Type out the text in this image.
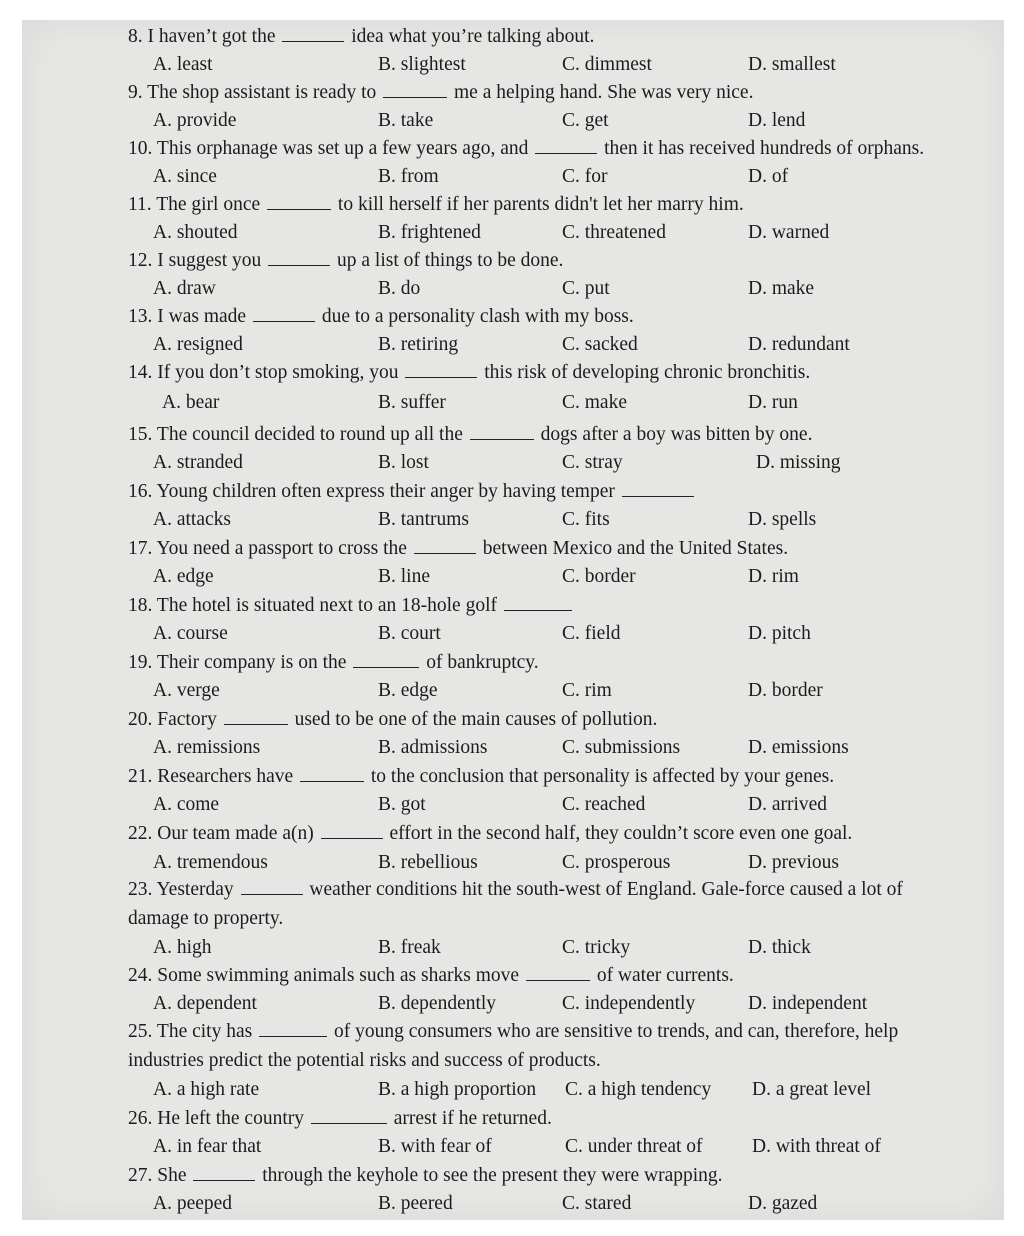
8. I haven’t got the	idea what you’re talking about.
A. least	B. slightest	C. dimmest	D. smallest
9. The shop assistant is ready to	me a helping hand. She was very nice.
A. provide	B. take	C. get	D. lend
10. This orphanage was set up a few years ago, and	then it has received hundreds of orphans.
A. since	B. from	C. for	D. of
11. The girl once	to kill herself if her parents didn't let her marry him.
A. shouted	B. frightened	C. threatened	D. warned
12. I suggest you	up a list of things to be done.
A. draw	B. do	C. put	D. make
13. I was made	due to a personality clash with my boss.
A. resigned	B. retiring	C. sacked	D. redundant
14. If you don’t stop smoking, you	this risk of developing chronic bronchitis.
A. bear	B. suffer	C. make	D. run
15. The council decided to round up all the	dogs after a boy was bitten by one.
A. stranded	B. lost	C. stray	D. missing
16. Young children often express their anger by having temper
A. attacks	B. tantrums	C. fits	D. spells
17. You need a passport to cross the	between Mexico and the United States.
A. edge	B. line	C. border	D. rim
18. The hotel is situated next to an 18-hole golf
A. course	B. court	C. field	D. pitch
19. Their company is on the	of bankruptcy.
A. verge	B. edge	C. rim	D. border
20. Factory	used to be one of the main causes of pollution.
A. remissions	B. admissions	C. submissions	D. emissions
21. Researchers have	to the conclusion that personality is affected by your genes.
A. come	B. got	C. reached	D. arrived
22. Our team made a(n)	effort in the second half, they couldn’t score even one goal.
A. tremendous	B. rebellious	C. prosperous	D. previous
23. Yesterday	weather conditions hit the south-west of England. Gale-force caused a lot of damage to property.
A. high	B. freak	C. tricky	D. thick
24. Some swimming animals such as sharks move	of water currents.
A. dependent	B. dependently	C. independently	D. independent
25. The city has	of young consumers who are sensitive to trends, and can, therefore, help industries predict the potential risks and success of products.
A. a high rate	B. a high proportion C. a high tendency D. a great level
26. He left the country	arrest if he returned.
A. in fear that	B. with fear of	C. under threat of	D. with threat of
27. She	through the keyhole to see the present they were wrapping.
A. peeped	B. peered	C. stared	D. gazed
